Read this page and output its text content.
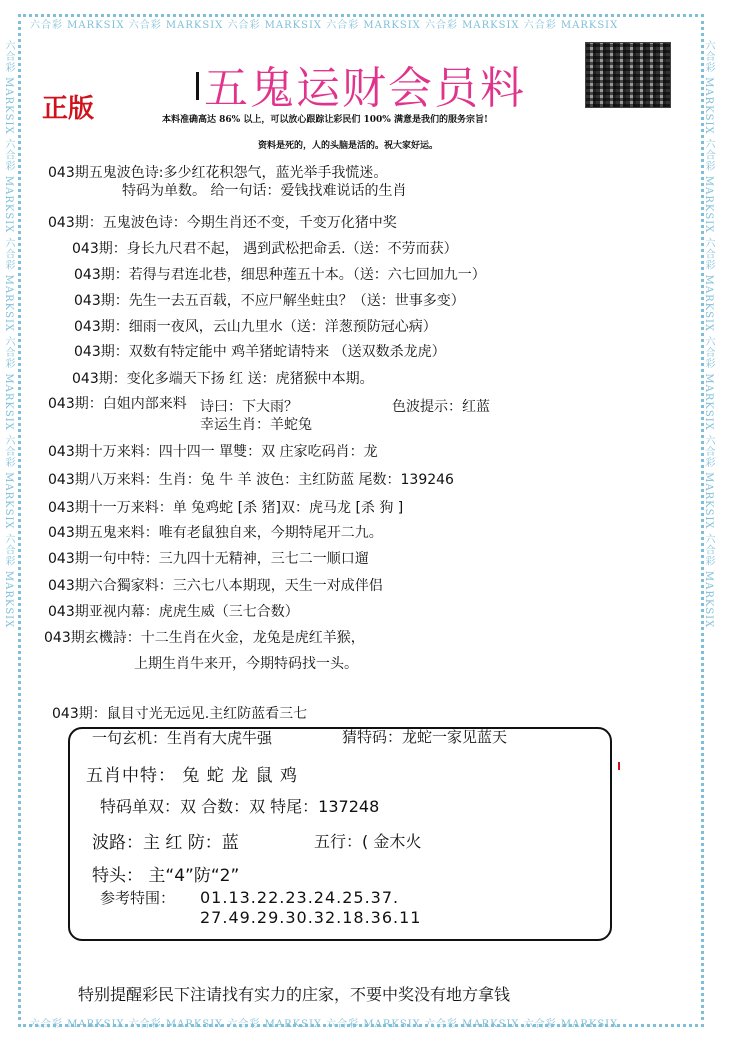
六合彩 MARKSIX 六合彩 MARKSIX 六合彩 MARKSIX 六合彩 MARKSIX 六合彩 MARKSIX 六合彩 MARKSIX
六合彩 MARKSIX 六合彩 MARKSIX 六合彩 MARKSIX 六合彩 MARKSIX 六合彩 MARKSIX 六合彩 MARKSIX
六合彩 MARKSIX 六合彩 MARKSIX 六合彩 MARKSIX 六合彩 MARKSIX 六合彩 MARKSIX 六合彩 MARKSIX	六合彩 MARKSIX 六合彩 MARKSIX 六合彩 MARKSIX 六合彩 MARKSIX 六合彩 MARKSIX 六合彩 MARKSIX
五鬼运财会员料
正版	本料准确高达 86% 以上，可以放心跟踪让彩民们 100% 满意是我们的服务宗旨!
资料是死的，人的头脑是活的。祝大家好运。
043期五鬼波色诗:多少红花积怨气，蓝光举手我慌迷。
特码为单数。 给一句话：爱钱找难说话的生肖
043期：五鬼波色诗：今期生肖还不变，千变万化猪中奖
043期：身长九尺君不起， 遇到武松把命丢.（送：不劳而获）
043期：若得与君连北巷，细思种莲五十本。（送：六七回加九一）
043期：先生一去五百载，不应尸解坐蛀虫？（送：世事多变）
043期：细雨一夜风，云山九里水（送：洋葱预防冠心病）
043期：双数有特定能中 鸡羊猪蛇请特来 （送双数杀龙虎）
043期：变化多端天下扬 红 送：虎猪猴中本期。
043期：白姐内部来料 诗曰：下大雨？	色波提示：红蓝
幸运生肖：羊蛇兔
043期十万来料：四十四一 單雙：双 庄家吃码肖：龙
043期八万来料：生肖：兔 牛 羊 波色：主红防蓝 尾数：139246
043期十一万来料：单 兔鸡蛇 [杀 猪]双：虎马龙 [杀 狗 ]
043期五鬼来料：唯有老鼠独自来，今期特尾开二九。
043期一句中特：三九四十无精神，三七二一顺口遛
043期六合獨家料：三六七八本期现，天生一对成伴侣
043期亚视内幕：虎虎生威（三七合数）
043期玄機詩：十二生肖在火金，龙兔是虎红羊猴，
上期生肖牛来开，今期特码找一头。
043期：鼠目寸光无远见.主红防蓝看三七
一句玄机：生肖有大虎牛强	猜特码：龙蛇一家见蓝天
五肖中特： 兔 蛇 龙 鼠 鸡
特码单双：双 合数：双 特尾：137248
波路：主 红 防：蓝	五行：( 金木火
特头： 主“4”防“2”
参考特围： 01.13.22.23.24.25.37.
27.49.29.30.32.18.36.11
特别提醒彩民下注请找有实力的庄家，不要中奖没有地方拿钱
